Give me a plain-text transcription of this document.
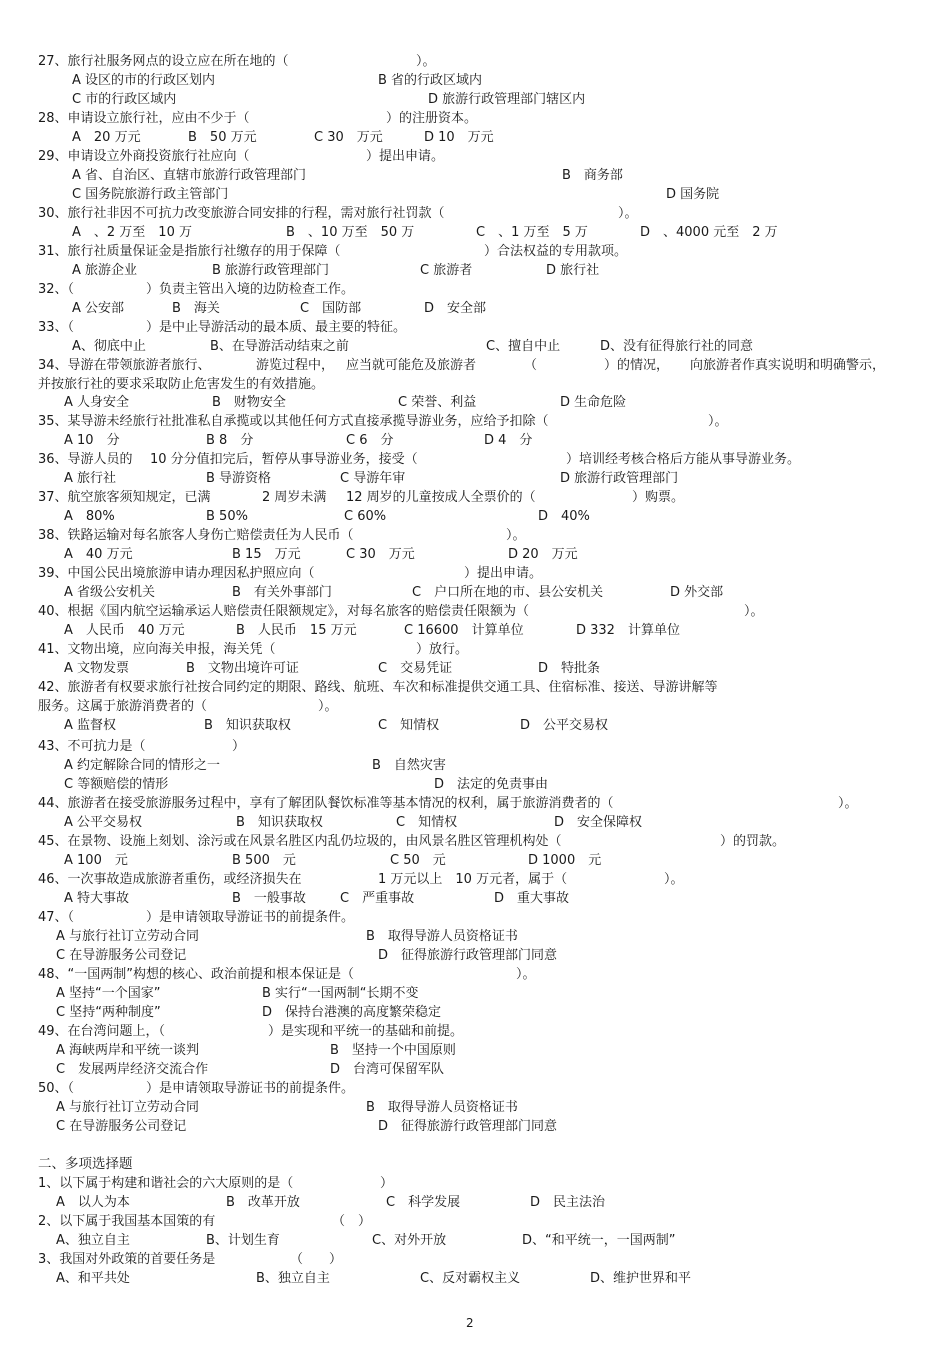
27、旅行社服务网点的设立应在所在地的（	）。
A 设区的市的行政区划内	B 省的行政区域内
C 市的行政区域内	D 旅游行政管理部门辖区内
28、申请设立旅行社，应由不少于（	）的注册资本。
A　20 万元	B　50 万元	C 30　万元	D 10　万元
29、申请设立外商投资旅行社应向（	）提出申请。
A 省、自治区、直辖市旅游行政管理部门	B　商务部
C 国务院旅游行政主管部门	D 国务院
30、旅行社非因不可抗力改变旅游合同安排的行程，需对旅行社罚款（	）。
A　、2 万至　10 万	B　、10 万至　50 万	C　、1 万至　5 万	D　、4000 元至　2 万
31、旅行社质量保证金是指旅行社缴存的用于保障（	）合法权益的专用款项。
A 旅游企业	B 旅游行政管理部门	C 旅游者	D 旅行社
32、（	）负责主管出入境的边防检查工作。
A 公安部	B　海关	C　国防部	D　安全部
33、（	）是中止导游活动的最本质、最主要的特征。
A、彻底中止	B、在导游活动结束之前	C、擅自中止	D、没有征得旅行社的同意
34、导游在带领旅游者旅行、	游览过程中， 应当就可能危及旅游者	（	）的情况， 向旅游者作真实说明和明确警示，
并按旅行社的要求采取防止危害发生的有效措施。
A 人身安全	B　财物安全	C 荣誉、利益	D 生命危险
35、某导游未经旅行社批准私自承揽或以其他任何方式直接承揽导游业务，应给予扣除（	）。
A 10　分	B 8　分	C 6　分	D 4　分
36、导游人员的 10 分分值扣完后，暂停从事导游业务，接受（	）培训经考核合格后方能从事导游业务。
A 旅行社	B 导游资格	C 导游年审	D 旅游行政管理部门
37、航空旅客须知规定，已满	2 周岁未满 12 周岁的儿童按成人全票价的（	）购票。
A　80%	B 50%	C 60%	D　40%
38、铁路运输对每名旅客人身伤亡赔偿责任为人民币（	）。
A　40 万元	B 15　万元	C 30　万元	D 20　万元
39、中国公民出境旅游申请办理因私护照应向（	）提出申请。
A 省级公安机关	B　有关外事部门	C　户口所在地的市、县公安机关	D 外交部
40、根据《国内航空运输承运人赔偿责任限额规定》，对每名旅客的赔偿责任限额为（	）。
A　人民币　40 万元	B　人民币　15 万元	C 16600　计算单位	D 332　计算单位
41、文物出境，应向海关申报，海关凭（	）放行。
A 文物发票	B　文物出境许可证	C　交易凭证	D　特批条
42、旅游者有权要求旅行社按合同约定的期限、路线、航班、车次和标准提供交通工具、住宿标准、接送、导游讲解等
服务。这属于旅游消费者的（	）。
A 监督权	B　知识获取权	C　知情权	D　公平交易权
43、不可抗力是（	）
A 约定解除合同的情形之一	B　自然灾害
C 等额赔偿的情形	D　法定的免责事由
44、旅游者在接受旅游服务过程中，享有了解团队餐饮标准等基本情况的权利，属于旅游消费者的（	）。
A 公平交易权	B　知识获取权	C　知情权	D　安全保障权
45、在景物、设施上刻划、涂污或在风景名胜区内乱仍垃圾的，由风景名胜区管理机构处（	）的罚款。
A 100　元	B 500　元	C 50　元	D 1000　元
46、一次事故造成旅游者重伤，或经济损失在	1 万元以上　10 万元者，属于（	）。
A 特大事故	B　一般事故	C　严重事故	D　重大事故
47、（	）是申请领取导游证书的前提条件。
A 与旅行社订立劳动合同	B　取得导游人员资格证书
C 在导游服务公司登记	D　征得旅游行政管理部门同意
48、“一国两制”构想的核心、政治前提和根本保证是（	）。
A 坚持“一个国家”	B 实行“一国两制“长期不变
C 坚持“两种制度”	D　保持台港澳的高度繁荣稳定
49、在台湾问题上，（	）是实现和平统一的基础和前提。
A 海峡两岸和平统一谈判	B　坚持一个中国原则
C　发展两岸经济交流合作	D　台湾可保留军队
50、（	）是申请领取导游证书的前提条件。
A 与旅行社订立劳动合同	B　取得导游人员资格证书
C 在导游服务公司登记	D　征得旅游行政管理部门同意
二、多项选择题
1、以下属于构建和谐社会的六大原则的是（	）
A　以人为本	B　改革开放	C　科学发展	D　民主法治
2、以下属于我国基本国策的有	（　）
A、独立自主	B、计划生育	C、对外开放	D、“和平统一，一国两制”
3、我国对外政策的首要任务是	（　　）
A、和平共处	B、独立自主	C、反对霸权主义	D、维护世界和平
2
